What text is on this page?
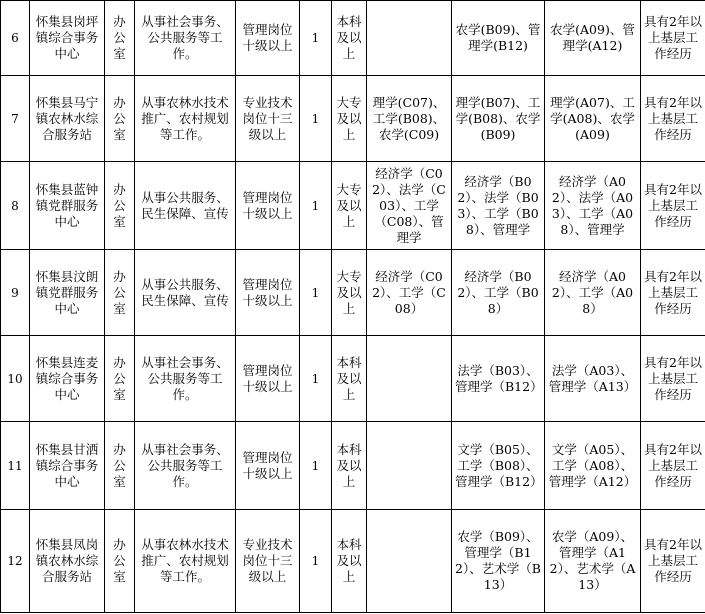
6	怀集县岗坪镇综合事务中心	办公室	从事社会事务、公共服务等工作。	管理岗位十级以上	1	本科及以上		农学(B09)、管理学(B12)	农学(A09)、管理学(A12)	具有2年以上基层工作经历
7	怀集县马宁镇农林水综合服务站	办公室	从事农林水技术推广、农村规划等工作。	专业技术岗位十三级以上	1	大专及以上	理学(C07)、工学(B08)、农学(C09)	理学(B07)、工学(B08)、农学(B09)	理学(A07)、工学(A08)、农学(A09)	具有2年以上基层工作经历
8	怀集县蓝钟镇党群服务中心	办公室	从事公共服务、民生保障、宣传	管理岗位十级以上	1	大专及以上	经济学（C02）、法学（C03）、工学（C08）、管理学	经济学（B02）、法学（B03）、工学（B08）、管理学	经济学（A02）、法学（A03）、工学（A08）、管理学	具有2年以上基层工作经历
9	怀集县汶朗镇党群服务中心	办公室	从事公共服务、民生保障、宣传	管理岗位十级以上	1	大专及以上	经济学（C02）、工学（C08）	经济学（B02）、工学（B08）	经济学（A02）、工学（A08）	具有2年以上基层工作经历
10	怀集县连麦镇综合事务中心	办公室	从事社会事务、公共服务等工作。	管理岗位十级以上	1	本科及以上		法学（B03）、管理学（B12）	法学（A03）、管理学（A13）	具有2年以上基层工作经历
11	怀集县甘洒镇综合事务中心	办公室	从事社会事务、公共服务等工作。	管理岗位十级以上	1	本科及以上		文学（B05）、工学（B08）、管理学（B12）	文学（A05）、工学（A08）、管理学（A12）	具有2年以上基层工作经历
12	怀集县凤岗镇农林水综合服务站	办公室	从事农林水技术推广、农村规划等工作。	专业技术岗位十三级以上	1	本科及以上		农学（B09）、管理学（B12）、艺术学（B13）	农学（A09）、管理学（A12）、艺术学（A13）	具有2年以上基层工作经历
